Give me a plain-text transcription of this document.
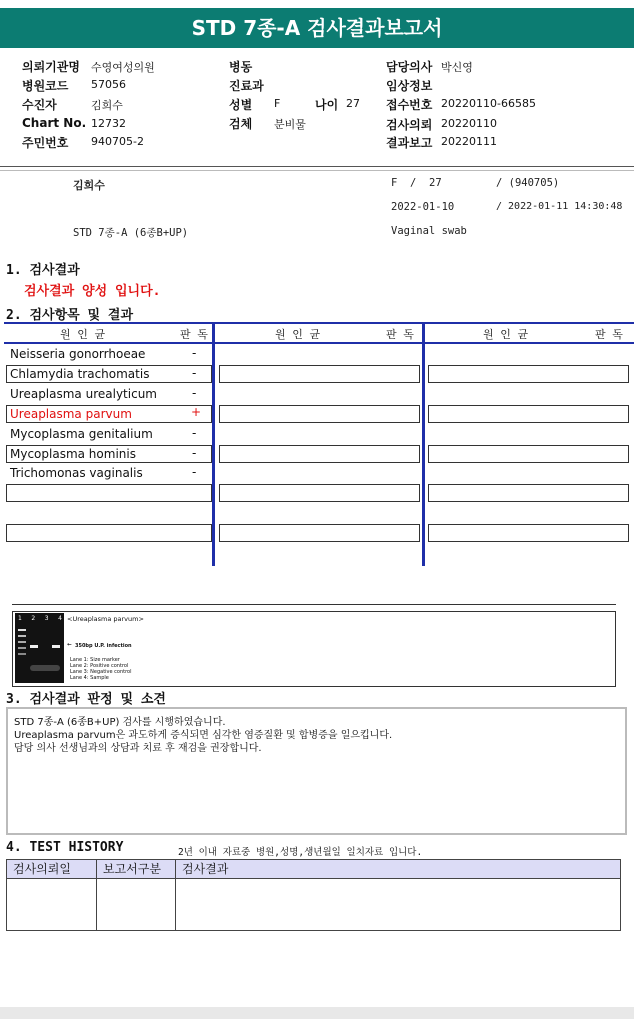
STD 7종-A 검사결과보고서
의뢰기관명 수영여성의원
병원코드 57056
수진자	김희수
Chart No. 12732
주민번호 940705-2
병동
진료과
성별 F	나이 27
검체 분비물
담당의사 박신영
임상정보
접수번호 20220110-66585
검사의뢰 20220110
결과보고 20220111
김희수	F / 27	/ (940705)
2022-01-10	/ 2022-01-11 14:30:48
STD 7종-A (6종B+UP)	Vaginal swab
1. 검사결과
검사결과 양성 입니다.
2. 검사항목 및 결과
원 인 균	판 독	원 인 균	판 독	원 인 균	판 독
Neisseria gonorrhoeae	-
Chlamydia trachomatis	-
Ureaplasma urealyticum	-
Ureaplasma parvum	+
Mycoplasma genitalium	-
Mycoplasma hominis	-
Trichomonas vaginalis	-
1 2 3 4 <Ureaplasma parvum>
← 350bp U.P. infection
Lane 1: Size marker
Lane 2: Positive control
Lane 3: Negative control
Lane 4: Sample
3. 검사결과 판정 및 소견
STD 7종-A (6종B+UP) 검사를 시행하였습니다.
Ureaplasma parvum은 과도하게 증식되면 심각한 염증질환 및 합병증을 일으킵니다.
담당 의사 선생님과의 상담과 치료 후 재검을 권장합니다.
4. TEST HISTORY	2년 이내 자료중 병원,성명,생년월일 일치자료 입니다.
검사의뢰일	보고서구분	검사결과
